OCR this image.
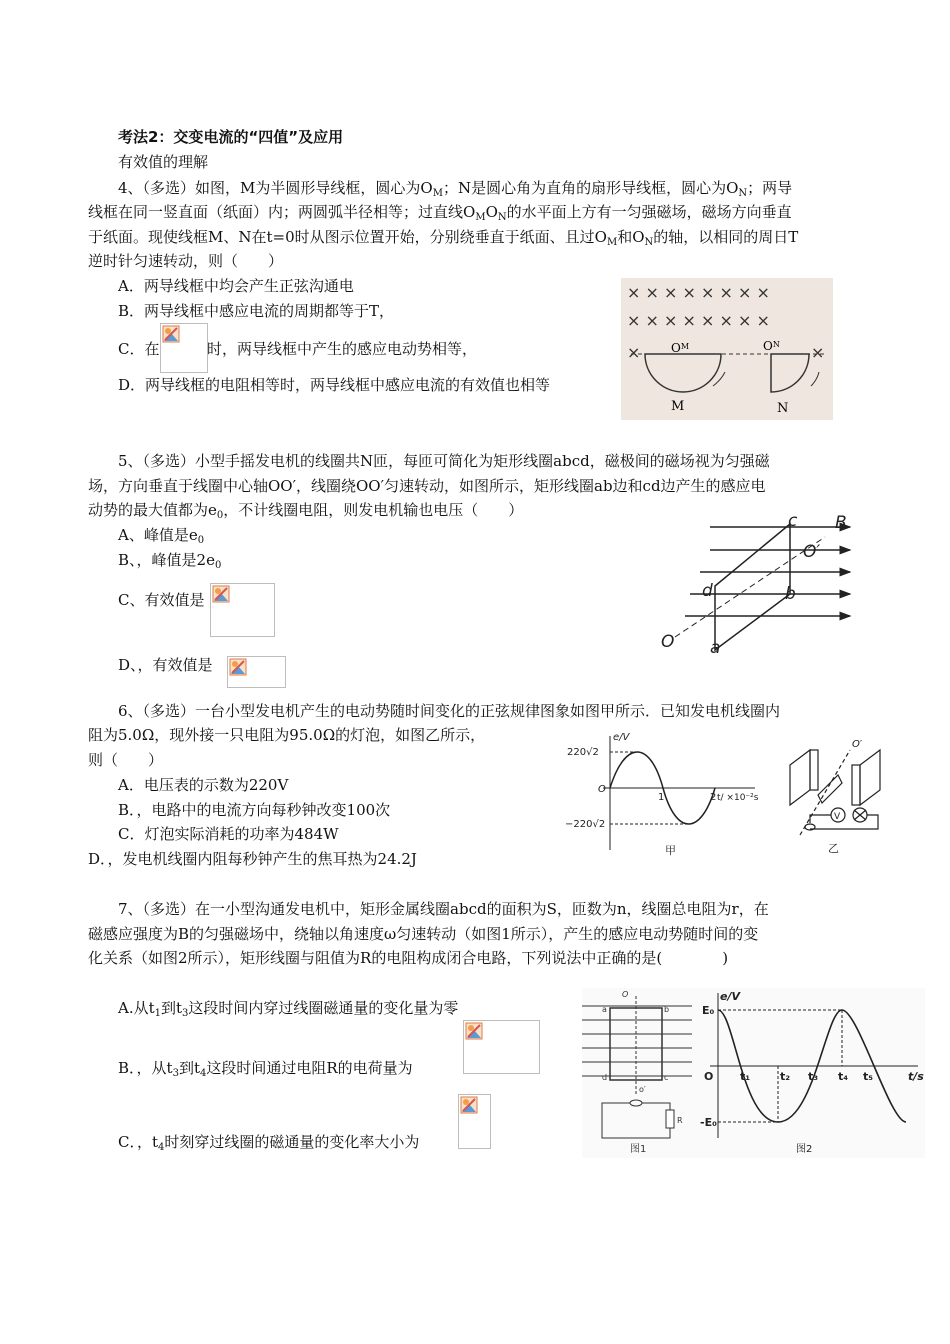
考法2：交变电流的“四值”及应用
有效值的理解
4、（多选）如图，M为半圆形导线框，圆心为$O_M$；N是圆心角为直角的扇形导线框，圆心为$O_N$；两导
线框在同一竖直面（纸面）内；两圆弧半径相等；过直线$O_MO_N$的水平面上方有一匀强磁场，磁场方向垂直
于纸面。现使线框M、N在t=0时从图示位置开始，分别绕垂直于纸面、且过$O_M$和$O_N$的轴，以相同的周日T
逆时针匀速转动，则（　　）
A．两导线框中均会产生正弦沟通电
B．两导线框中感应电流的周期都等于T，
C．在	时，两导线框中产生的感应电动势相等，
D．两导线框的电阻相等时，两导线框中感应电流的有效值也相等
× × × × × × × ×
× × × × × × × ×
×	×
$O^M$	$O^N$
M	N
5、（多选）小型手摇发电机的线圈共N匝，每匝可简化为矩形线圈abcd，磁极间的磁场视为匀强磁
场，方向垂直于线圈中心轴OO′，线圈绕OO′匀速转动，如图所示，矩形线圈ab边和cd边产生的感应电
动势的最大值都为$e_0$，不计线圈电阻，则发电机输也电压（　　）
A、峰值是$e_0$
B、，峰值是$2e_0$
C、有效值是
D、，有效值是
c B
O′
d	b
O a
6、（多选）一台小型发电机产生的电动势随时间变化的正弦规律图象如图甲所示．已知发电机线圈内
阻为5.0Ω，现外接一只电阻为95.0Ω的灯泡，如图乙所示，
则（　　）
A．电压表的示数为220V
B．，电路中的电流方向每秒钟改变100次
C．灯泡实际消耗的功率为484W
D．，发电机线圈内阻每秒钟产生的焦耳热为24.2J
e/V
220√2
−220√2
O
1	2 t/ ×10⁻²s
甲
O′
V
乙
7、（多选）在一小型沟通发电机中，矩形金属线圈abcd的面积为S，匝数为n，线圈总电阻为r，在
磁感应强度为B的匀强磁场中，绕轴以角速度ω匀速转动（如图1所示），产生的感应电动势随时间的变
化关系（如图2所示），矩形线圈与阻值为R的电阻构成闭合电路，下列说法中正确的是(　　　　)
A.从$t_1$到$t_3$这段时间内穿过线圈磁通量的变化量为零
B．，从$t_3$到$t_4$这段时间通过电阻R的电荷量为
C．，$t_4$时刻穿过线圈的磁通量的变化率大小为
O
a	b
d	c
o′
R
图1
e/V
E₀
-E₀
O t₁	t₂ t₃ t₄ t₅	t/s
图2
